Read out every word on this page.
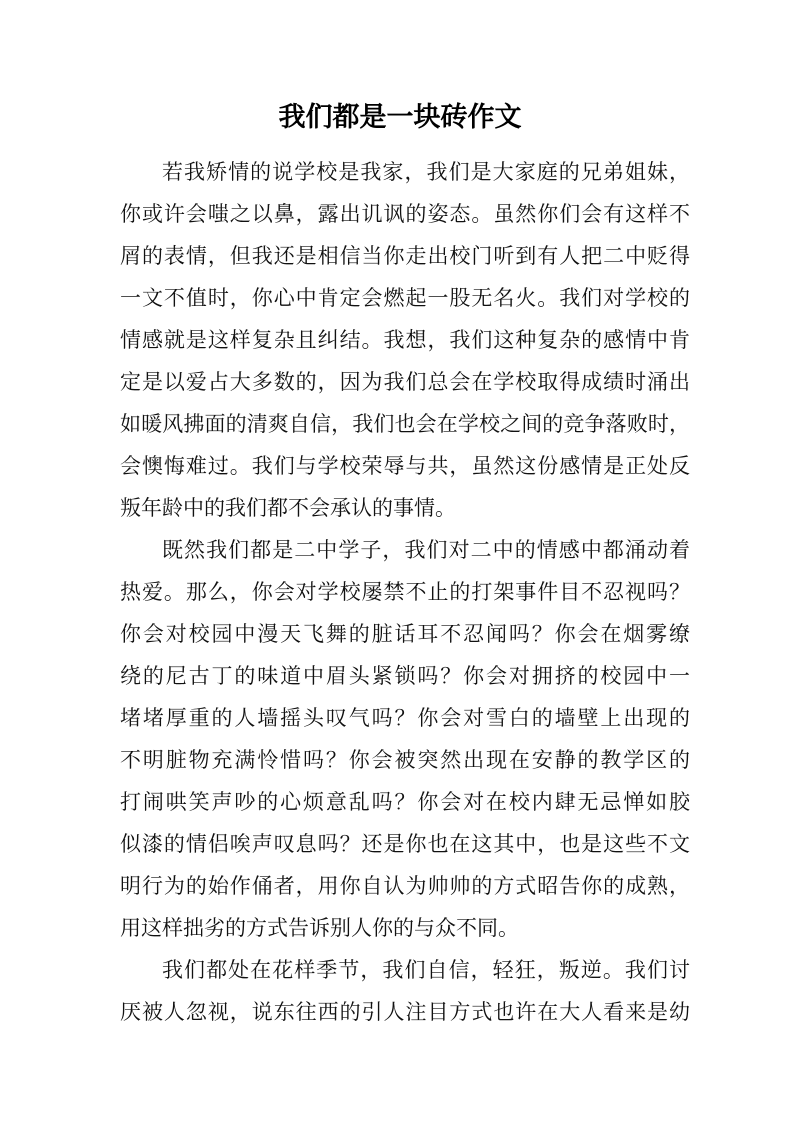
我们都是一块砖作文
若我矫情的说学校是我家，我们是大家庭的兄弟姐妹，
你或许会嗤之以鼻，露出讥讽的姿态。虽然你们会有这样不
屑的表情，但我还是相信当你走出校门听到有人把二中贬得
一文不值时，你心中肯定会燃起一股无名火。我们对学校的
情感就是这样复杂且纠结。我想，我们这种复杂的感情中肯
定是以爱占大多数的，因为我们总会在学校取得成绩时涌出
如暖风拂面的清爽自信，我们也会在学校之间的竞争落败时，
会懊悔难过。我们与学校荣辱与共，虽然这份感情是正处反
叛年龄中的我们都不会承认的事情。
既然我们都是二中学子，我们对二中的情感中都涌动着
热爱。那么，你会对学校屡禁不止的打架事件目不忍视吗？
你会对校园中漫天飞舞的脏话耳不忍闻吗？你会在烟雾缭
绕的尼古丁的味道中眉头紧锁吗？你会对拥挤的校园中一
堵堵厚重的人墙摇头叹气吗？你会对雪白的墙壁上出现的
不明脏物充满怜惜吗？你会被突然出现在安静的教学区的
打闹哄笑声吵的心烦意乱吗？你会对在校内肆无忌惮如胶
似漆的情侣唉声叹息吗？还是你也在这其中，也是这些不文
明行为的始作俑者，用你自认为帅帅的方式昭告你的成熟，
用这样拙劣的方式告诉别人你的与众不同。
我们都处在花样季节，我们自信，轻狂，叛逆。我们讨
厌被人忽视，说东往西的引人注目方式也许在大人看来是幼
